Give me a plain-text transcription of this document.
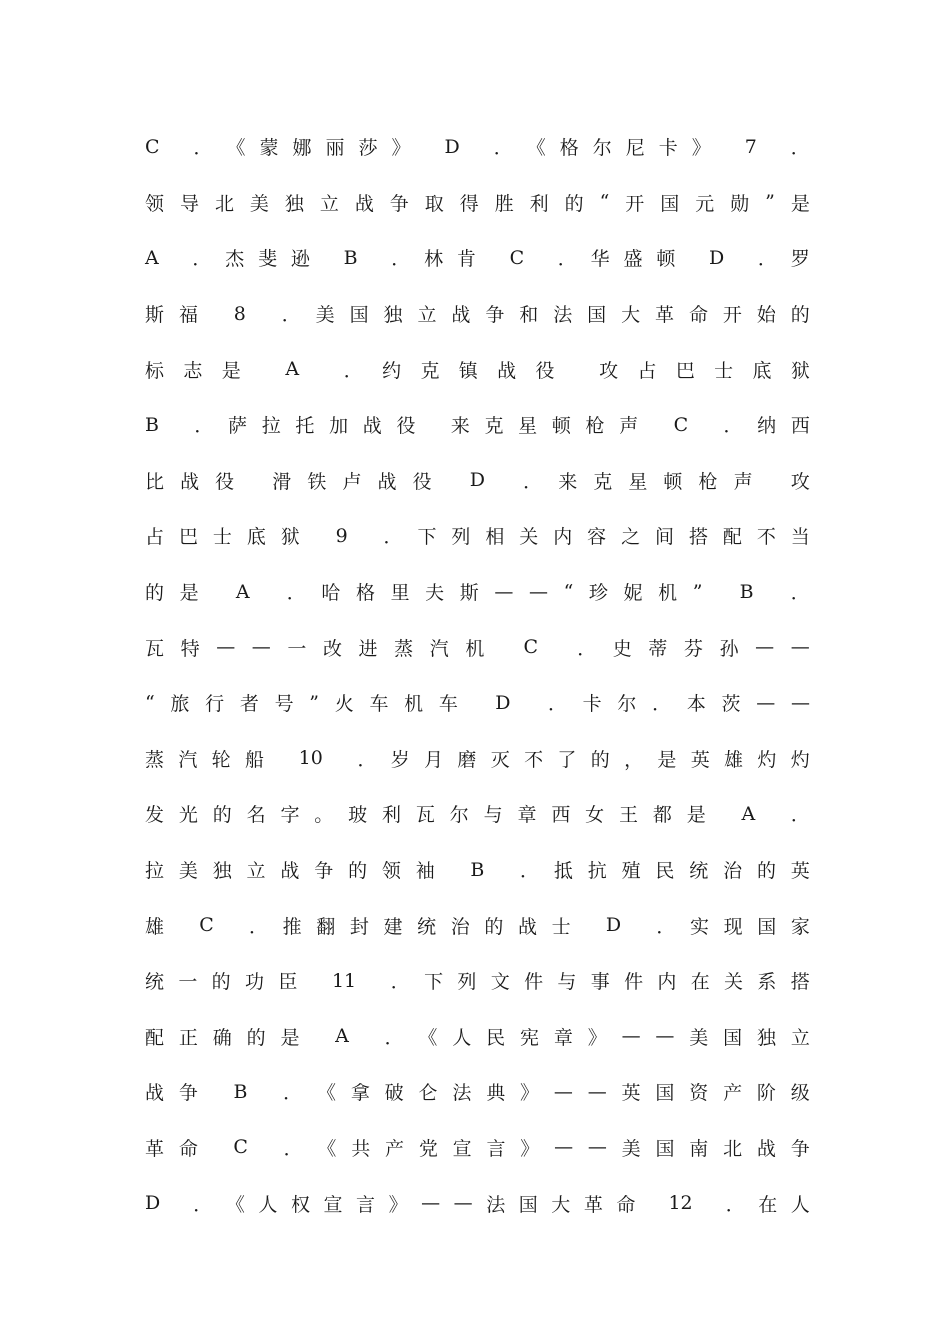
C ． 《 蒙 娜 丽 莎 》 D ． 《 格 尔 尼 卡 》 7 ．
领 导 北 美 独 立 战 争 取 得 胜 利 的 “ 开 国 元 勋 ” 是
A ． 杰 斐 逊 B ． 林 肯 C ． 华 盛 顿 D ． 罗
斯 福 8 ． 美 国 独 立 战 争 和 法 国 大 革 命 开 始 的
标 志 是 A ． 约 克 镇 战 役 攻 占 巴 士 底 狱
B ． 萨 拉 托 加 战 役 来 克 星 顿 枪 声 C ． 纳 西
比 战 役 滑 铁 卢 战 役 D ． 来 克 星 顿 枪 声 攻
占 巴 士 底 狱 9 ． 下 列 相 关 内 容 之 间 搭 配 不 当
的 是 A ． 哈 格 里 夫 斯 — — “ 珍 妮 机 ” B ．
瓦 特 — — 一 改 进 蒸 汽 机 C ． 史 蒂 芬 孙 — —
“ 旅 行 者 号 ” 火 车 机 车 D ． 卡 尔 ． 本 茨 — —
蒸 汽 轮 船 10 ． 岁 月 磨 灭 不 了 的 ， 是 英 雄 灼 灼
发 光 的 名 字 。 玻 利 瓦 尔 与 章 西 女 王 都 是 A ．
拉 美 独 立 战 争 的 领 袖 B ． 抵 抗 殖 民 统 治 的 英
雄 C ． 推 翻 封 建 统 治 的 战 士 D ． 实 现 国 家
统 一 的 功 臣 11 ． 下 列 文 件 与 事 件 内 在 关 系 搭
配 正 确 的 是 A ． 《 人 民 宪 章 》 — — 美 国 独 立
战 争 B ． 《 拿 破 仑 法 典 》 — — 英 国 资 产 阶 级
革 命 C ． 《 共 产 党 宣 言 》 — — 美 国 南 北 战 争
D ． 《 人 权 宣 言 》 — — 法 国 大 革 命 12 ． 在 人
